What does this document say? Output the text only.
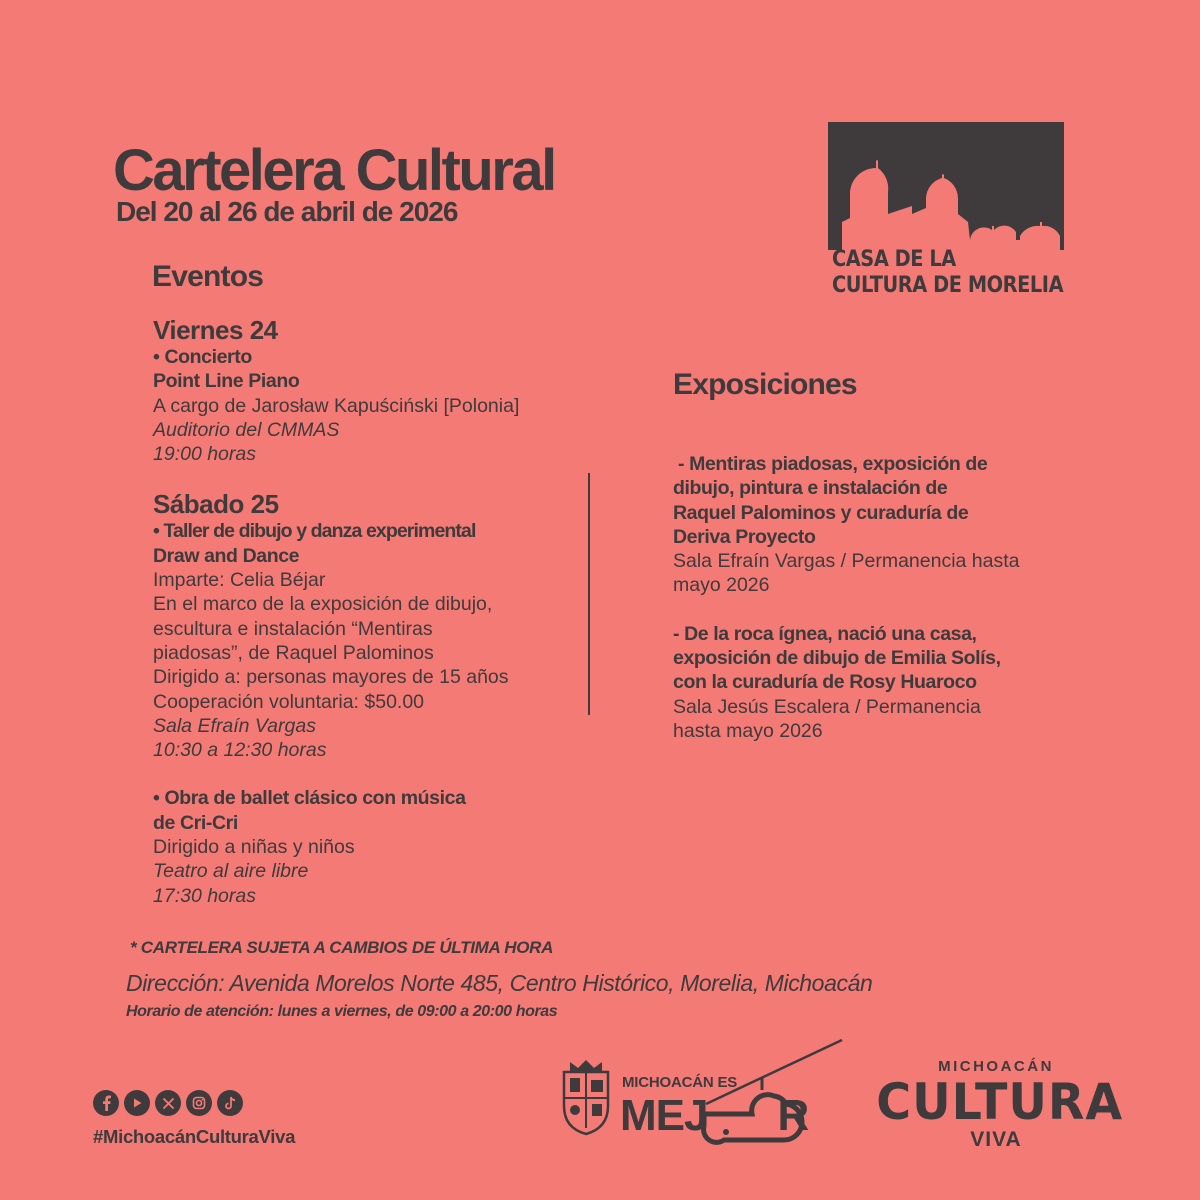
Cartelera Cultural
Del 20 al 26 de abril de 2026
CASA DE LA
CULTURA DE MORELIA
Eventos
Viernes 24
• Concierto
Point Line Piano
A cargo de Jarosław Kapuściński [Polonia]
Auditorio del CMMAS
19:00 horas
Sábado 25
• Taller de dibujo y danza experimental
Draw and Dance
Imparte: Celia Béjar
En el marco de la exposición de dibujo,
escultura e instalación “Mentiras
piadosas”, de Raquel Palominos
Dirigido a: personas mayores de 15 años
Cooperación voluntaria: $50.00
Sala Efraín Vargas
10:30 a 12:30 horas
• Obra de ballet clásico con música
de Cri-Cri
Dirigido a niñas y niños
Teatro al aire libre
17:30 horas
Exposiciones
- Mentiras piadosas, exposición de
dibujo, pintura e instalación de
Raquel Palominos y curaduría de
Deriva Proyecto
Sala Efraín Vargas / Permanencia hasta
mayo 2026
- De la roca ígnea, nació una casa,
exposición de dibujo de Emilia Solís,
con la curaduría de Rosy Huaroco
Sala Jesús Escalera / Permanencia
hasta mayo 2026
* CARTELERA SUJETA A CAMBIOS DE ÚLTIMA HORA
Dirección: Avenida Morelos Norte 485, Centro Histórico, Morelia, Michoacán
Horario de atención: lunes a viernes, de 09:00 a 20:00 horas
#MichoacánCulturaViva
MICHOACÁN ES
MEJ R
MICHOACÁN
CULTURA
VIVA
